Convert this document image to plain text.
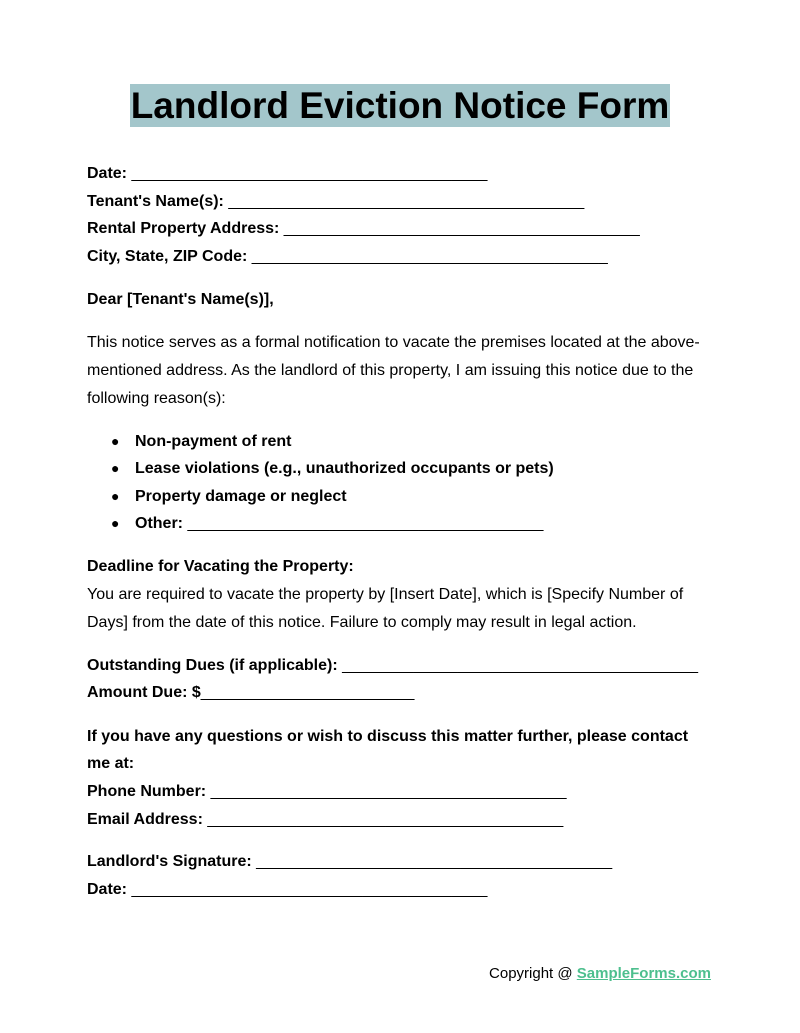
Landlord Eviction Notice Form
Date: ________________________________________
Tenant's Name(s): ________________________________________
Rental Property Address: ________________________________________
City, State, ZIP Code: ________________________________________
Dear [Tenant's Name(s)],

This notice serves as a formal notification to vacate the premises located at the above-mentioned address. As the landlord of this property, I am issuing this notice due to the following reason(s):

● Non-payment of rent
● Lease violations (e.g., unauthorized occupants or pets)
● Property damage or neglect
● Other: ________________________________________
Deadline for Vacating the Property:

You are required to vacate the property by [Insert Date], which is [Specify Number of Days] from the date of this notice. Failure to comply may result in legal action.

Outstanding Dues (if applicable): ________________________________________
Amount Due: $________________________

If you have any questions or wish to discuss this matter further, please contact me at:

Phone Number: ________________________________________
Email Address: ________________________________________
Landlord's Signature: ________________________________________
Date: ________________________________________
Copyright @ SampleForms.com
